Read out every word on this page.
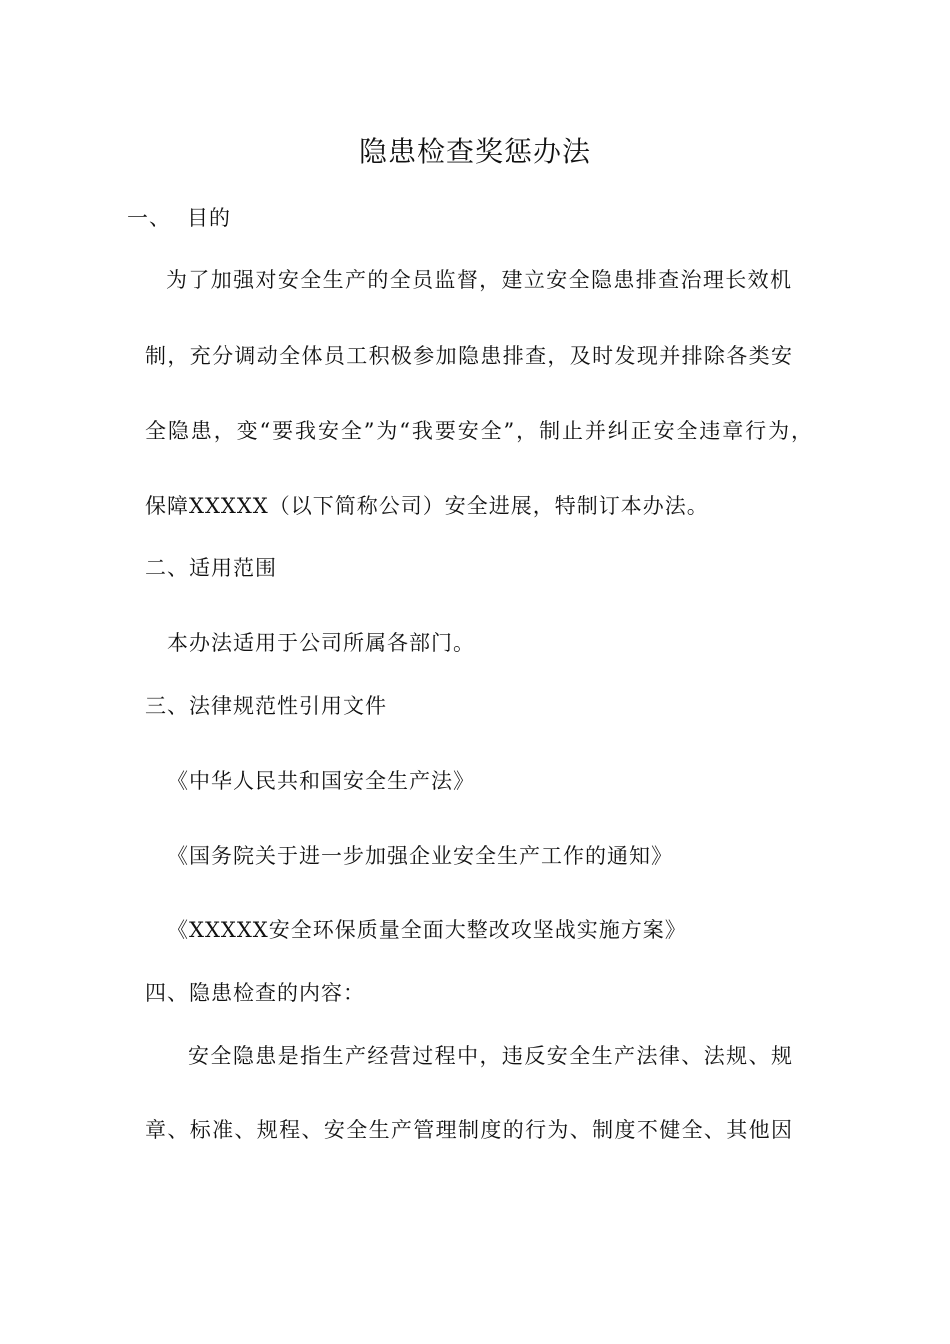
隐患检查奖惩办法
一、 目的
为了加强对安全生产的全员监督，建立安全隐患排查治理长效机
制，充分调动全体员工积极参加隐患排查，及时发现并排除各类安
全隐患，变“要我安全”为“我要安全”，制止并纠正安全违章行为，
保障XXXXX（以下简称公司）安全进展，特制订本办法。
二、适用范围
本办法适用于公司所属各部门。
三、法律规范性引用文件
《中华人民共和国安全生产法》
《国务院关于进一步加强企业安全生产工作的通知》
《XXXXX安全环保质量全面大整改攻坚战实施方案》
四、隐患检查的内容：
安全隐患是指生产经营过程中，违反安全生产法律、法规、规
章、标准、规程、安全生产管理制度的行为、制度不健全、其他因
